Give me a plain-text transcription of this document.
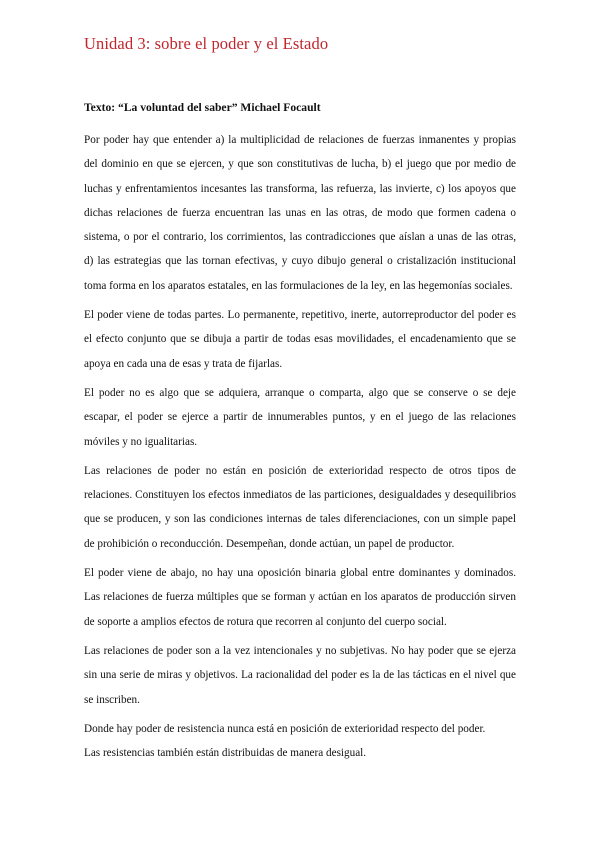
Unidad 3: sobre el poder y el Estado

Texto: “La voluntad del saber” Michael Focault

Por poder hay que entender a) la multiplicidad de relaciones de fuerzas inmanentes y propias del dominio en que se ejercen, y que son constitutivas de lucha, b) el juego que por medio de luchas y enfrentamientos incesantes las transforma, las refuerza, las invierte, c) los apoyos que dichas relaciones de fuerza encuentran las unas en las otras, de modo que formen cadena o sistema, o por el contrario, los corrimientos, las contradicciones que aíslan a unas de las otras, d) las estrategias que las tornan efectivas, y cuyo dibujo general o cristalización institucional toma forma en los aparatos estatales, en las formulaciones de la ley, en las hegemonías sociales.

El poder viene de todas partes. Lo permanente, repetitivo, inerte, autorreproductor del poder es el efecto conjunto que se dibuja a partir de todas esas movilidades, el encadenamiento que se apoya en cada una de esas y trata de fijarlas.

El poder no es algo que se adquiera, arranque o comparta, algo que se conserve o se deje escapar, el poder se ejerce a partir de innumerables puntos, y en el juego de las relaciones móviles y no igualitarias.

Las relaciones de poder no están en posición de exterioridad respecto de otros tipos de relaciones. Constituyen los efectos inmediatos de las particiones, desigualdades y desequilibrios que se producen, y son las condiciones internas de tales diferenciaciones, con un simple papel de prohibición o reconducción. Desempeñan, donde actúan, un papel de productor.

El poder viene de abajo, no hay una oposición binaria global entre dominantes y dominados. Las relaciones de fuerza múltiples que se forman y actúan en los aparatos de producción sirven de soporte a amplios efectos de rotura que recorren al conjunto del cuerpo social.

Las relaciones de poder son a la vez intencionales y no subjetivas. No hay poder que se ejerza sin una serie de miras y objetivos. La racionalidad del poder es la de las tácticas en el nivel que se inscriben.

Donde hay poder de resistencia nunca está en posición de exterioridad respecto del poder.

Las resistencias también están distribuidas de manera desigual.
